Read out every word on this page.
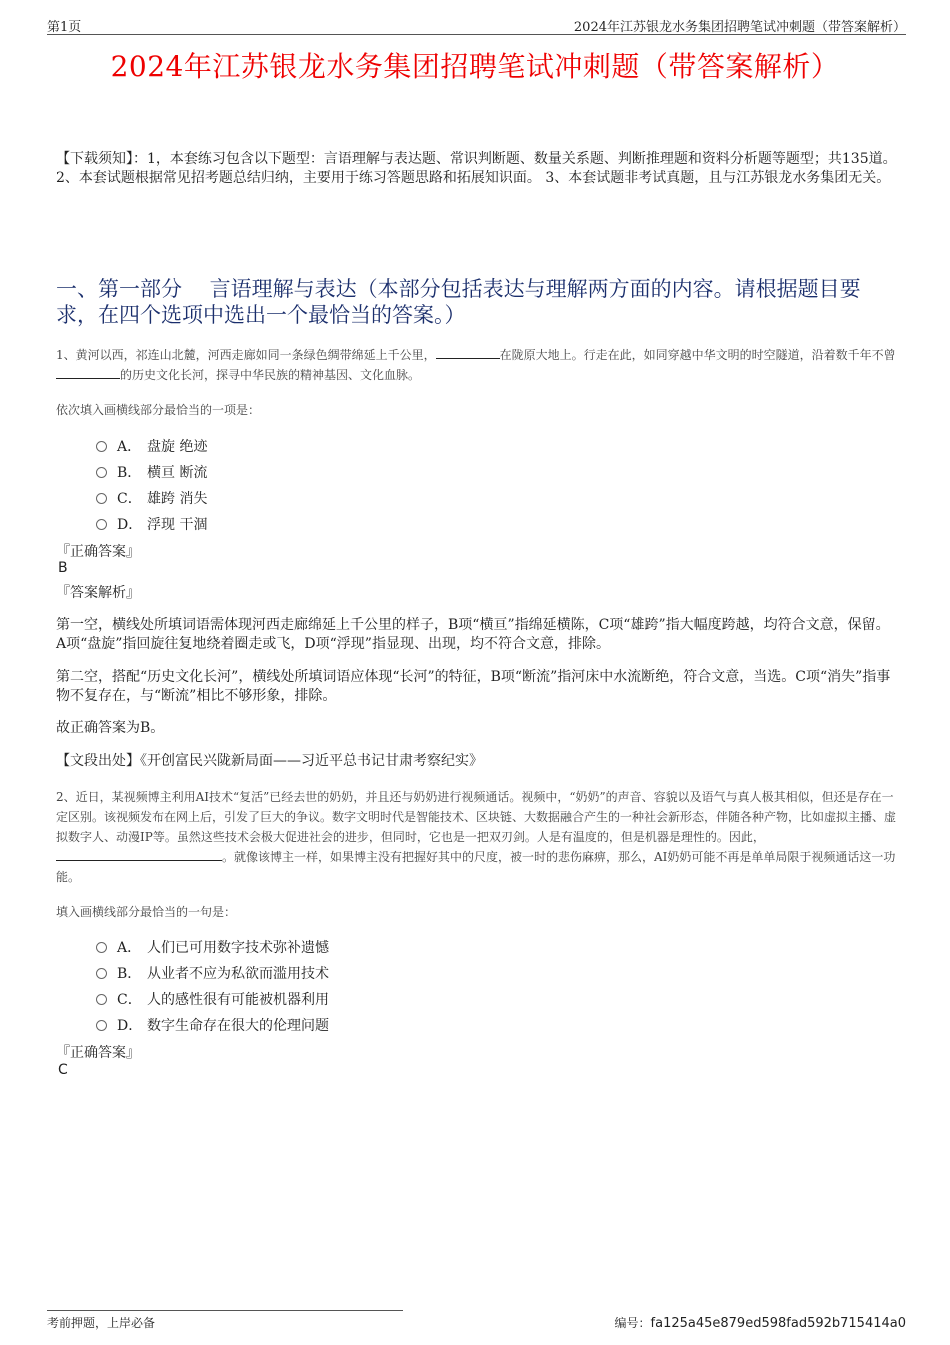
第1页	2024年江苏银龙水务集团招聘笔试冲刺题（带答案解析）
2024年江苏银龙水务集团招聘笔试冲刺题（带答案解析）
【下载须知】：1，本套练习包含以下题型：言语理解与表达题、常识判断题、数量关系题、判断推理题和资料分析题等题型；共135道。 2、本套试题根据常见招考题总结归纳，主要用于练习答题思路和拓展知识面。 3、本套试题非考试真题，且与江苏银龙水务集团无关。
一、第一部分　 言语理解与表达（本部分包括表达与理解两方面的内容。请根据题目要求，在四个选项中选出一个最恰当的答案。）
1、黄河以西，祁连山北麓，河西走廊如同一条绿色绸带绵延上千公里，	在陇原大地上。行走在此，如同穿越中华文明的时空隧道，沿着数千年不曾的历史文化长河，探寻中华民族的精神基因、文化血脉。
依次填入画横线部分最恰当的一项是：
A． 盘旋 绝迹
B． 横亘 断流
C． 雄跨 消失
D． 浮现 干涸
『正确答案』
B
『答案解析』
第一空，横线处所填词语需体现河西走廊绵延上千公里的样子，B项“横亘”指绵延横陈，C项“雄跨”指大幅度跨越，均符合文意，保留。A项“盘旋”指回旋往复地绕着圈走或飞，D项“浮现”指显现、出现，均不符合文意，排除。
第二空，搭配“历史文化长河”，横线处所填词语应体现“长河”的特征，B项“断流”指河床中水流断绝，符合文意，当选。C项“消失”指事物不复存在，与“断流”相比不够形象，排除。
故正确答案为B。
【文段出处】《开创富民兴陇新局面——习近平总书记甘肃考察纪实》
2、近日，某视频博主利用AI技术“复活”已经去世的奶奶，并且还与奶奶进行视频通话。视频中，“奶奶”的声音、容貌以及语气与真人极其相似，但还是存在一定区别。该视频发布在网上后，引发了巨大的争议。数字文明时代是智能技术、区块链、大数据融合产生的一种社会新形态，伴随各种产物，比如虚拟主播、虚拟数字人、动漫IP等。虽然这些技术会极大促进社会的进步，但同时，它也是一把双刃剑。人是有温度的，但是机器是理性的。因此，。就像该博主一样，如果博主没有把握好其中的尺度，被一时的悲伤麻痹，那么，AI奶奶可能不再是单单局限于视频通话这一功能。
填入画横线部分最恰当的一句是：
A． 人们已可用数字技术弥补遗憾
B． 从业者不应为私欲而滥用技术
C． 人的感性很有可能被机器利用
D． 数字生命存在很大的伦理问题
『正确答案』
C
考前押题，上岸必备	编号：fa125a45e879ed598fad592b715414a0
